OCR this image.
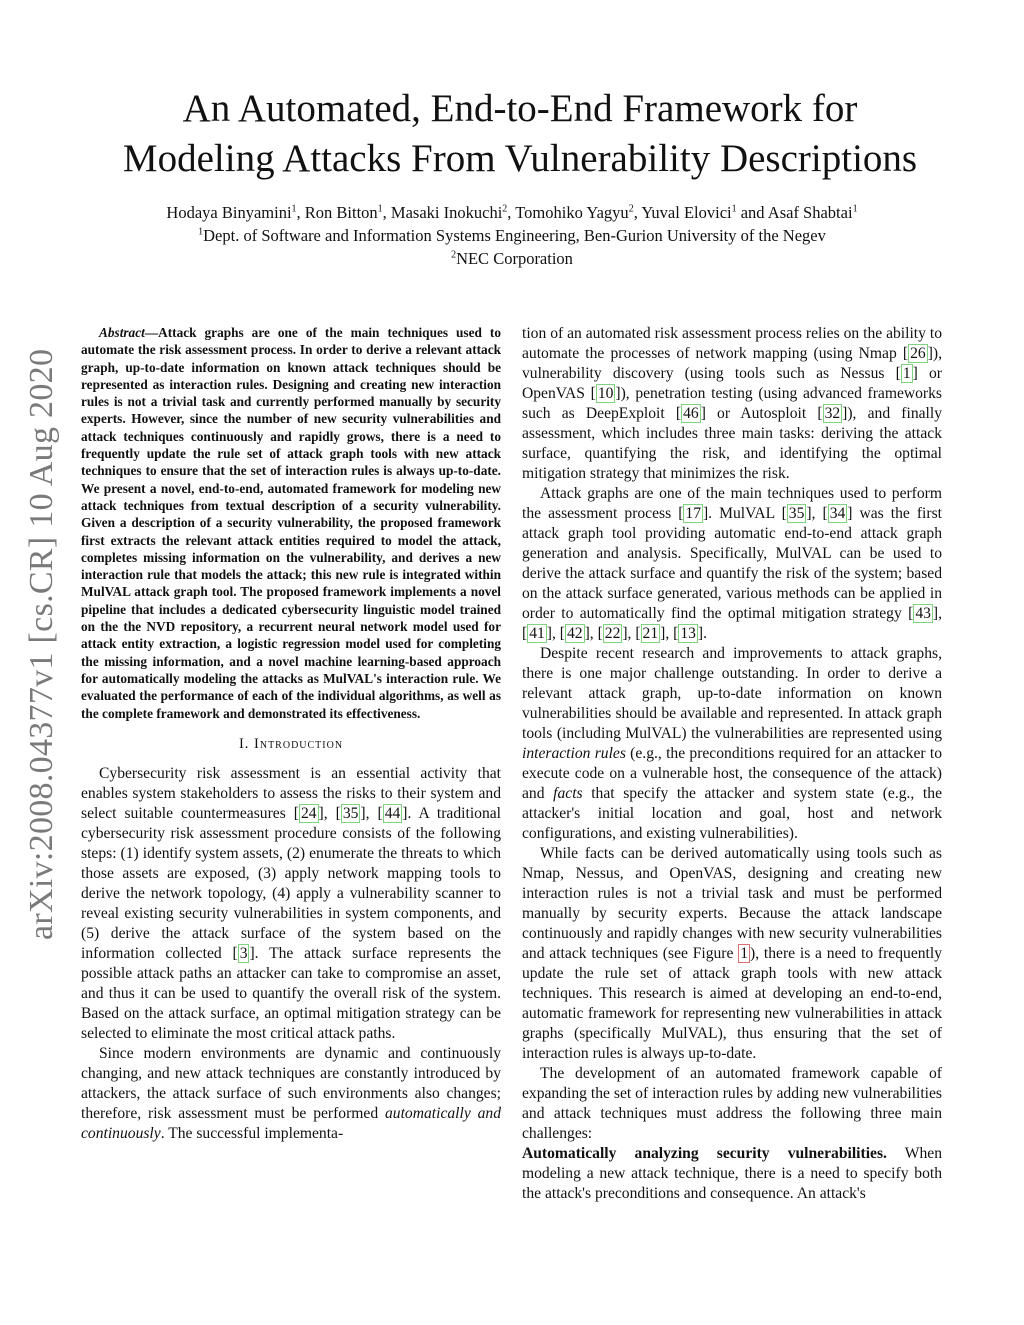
arXiv:2008.04377v1 [cs.CR] 10 Aug 2020
An Automated, End-to-End Framework for
Modeling Attacks From Vulnerability Descriptions
Hodaya Binyamini$^1$, Ron Bitton$^1$, Masaki Inokuchi$^2$, Tomohiko Yagyu$^2$, Yuval Elovici$^1$ and Asaf Shabtai$^1$
$^1$Dept. of Software and Information Systems Engineering, Ben-Gurion University of the Negev
$^2$NEC Corporation
Abstract—Attack graphs are one of the main techniques used to automate the risk assessment process. In order to derive a relevant attack graph, up-to-date information on known attack techniques should be represented as interaction rules. Designing and creating new interaction rules is not a trivial task and currently performed manually by security experts. However, since the number of new security vulnerabilities and attack techniques continuously and rapidly grows, there is a need to frequently update the rule set of attack graph tools with new attack techniques to ensure that the set of interaction rules is always up-to-date. We present a novel, end-to-end, automated framework for modeling new attack techniques from textual description of a security vulnerability. Given a description of a security vulnerability, the proposed framework first extracts the relevant attack entities required to model the attack, completes missing information on the vulnerability, and derives a new interaction rule that models the attack; this new rule is integrated within MulVAL attack graph tool. The proposed framework implements a novel pipeline that includes a dedicated cybersecurity linguistic model trained on the the NVD repository, a recurrent neural network model used for attack entity extraction, a logistic regression model used for completing the missing information, and a novel machine learning-based approach for automatically modeling the attacks as MulVAL's interaction rule. We evaluated the performance of each of the individual algorithms, as well as the complete framework and demonstrated its effectiveness.
I. Introduction

Cybersecurity risk assessment is an essential activity that enables system stakeholders to assess the risks to their system and select suitable countermeasures [ 24 ], [ 35 ], [ 44 ]. A traditional cybersecurity risk assessment procedure consists of the following steps: (1) identify system assets, (2) enumerate the threats to which those assets are exposed, (3) apply network mapping tools to derive the network topology, (4) apply a vulnerability scanner to reveal existing security vulnerabilities in system components, and (5) derive the attack surface of the system based on the information collected [ 3 ]. The attack surface represents the possible attack paths an attacker can take to compromise an asset, and thus it can be used to quantify the overall risk of the system. Based on the attack surface, an optimal mitigation strategy can be selected to eliminate the most critical attack paths.

Since modern environments are dynamic and continuously changing, and new attack techniques are constantly introduced by attackers, the attack surface of such environments also changes; therefore, risk assessment must be performed automatically and continuously. The successful implementa-

tion of an automated risk assessment process relies on the ability to automate the processes of network mapping (using Nmap [ 26 ]), vulnerability discovery (using tools such as Nessus [ 1 ] or OpenVAS [ 10 ]), penetration testing (using advanced frameworks such as DeepExploit [ 46 ] or Autosploit [ 32 ]), and finally assessment, which includes three main tasks: deriving the attack surface, quantifying the risk, and identifying the optimal mitigation strategy that minimizes the risk.

Attack graphs are one of the main techniques used to perform the assessment process [ 17 ]. MulVAL [ 35 ], [ 34 ] was the first attack graph tool providing automatic end-to-end attack graph generation and analysis. Specifically, MulVAL can be used to derive the attack surface and quantify the risk of the system; based on the attack surface generated, various methods can be applied in order to automatically find the optimal mitigation strategy [ 43 ], [ 41 ], [ 42 ], [ 22 ], [ 21 ], [ 13 ].

Despite recent research and improvements to attack graphs, there is one major challenge outstanding. In order to derive a relevant attack graph, up-to-date information on known vulnerabilities should be available and represented. In attack graph tools (including MulVAL) the vulnerabilities are represented using interaction rules (e.g., the preconditions required for an attacker to execute code on a vulnerable host, the consequence of the attack) and facts that specify the attacker and system state (e.g., the attacker's initial location and goal, host and network configurations, and existing vulnerabilities).

While facts can be derived automatically using tools such as Nmap, Nessus, and OpenVAS, designing and creating new interaction rules is not a trivial task and must be performed manually by security experts. Because the attack landscape continuously and rapidly changes with new security vulnerabilities and attack techniques (see Figure 1 ), there is a need to frequently update the rule set of attack graph tools with new attack techniques. This research is aimed at developing an end-to-end, automatic framework for representing new vulnerabilities in attack graphs (specifically MulVAL), thus ensuring that the set of interaction rules is always up-to-date.

The development of an automated framework capable of expanding the set of interaction rules by adding new vulnerabilities and attack techniques must address the following three main challenges:

Automatically analyzing security vulnerabilities. When modeling a new attack technique, there is a need to specify both the attack's preconditions and consequence. An attack's
